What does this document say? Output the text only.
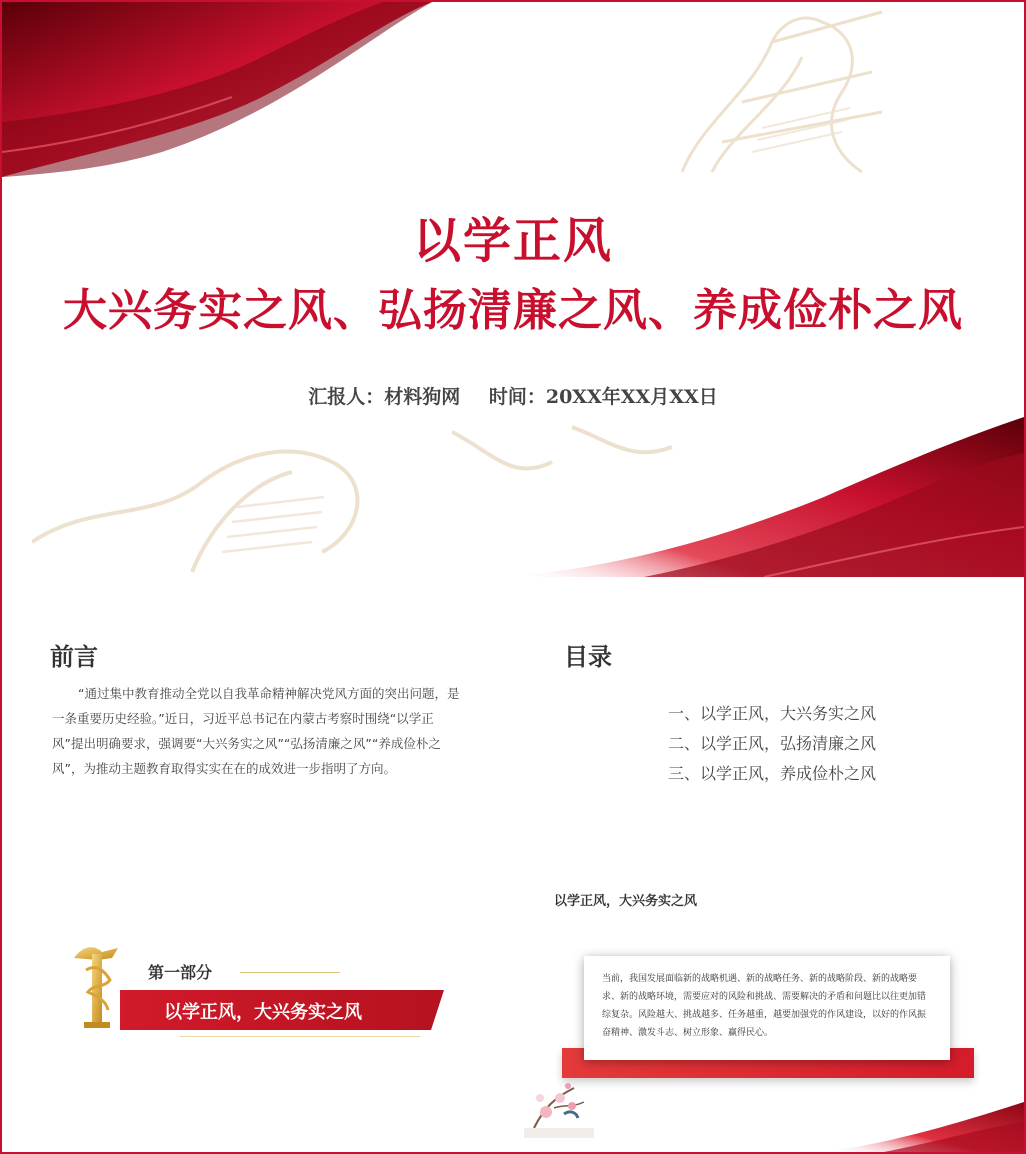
以学正风
大兴务实之风、弘扬清廉之风、养成俭朴之风
汇报人：材料狗网 时间：20XX年XX月XX日
前言

“通过集中教育推动全党以自我革命精神解决党风方面的突出问题，是一条重要历史经验。”近日，习近平总书记在内蒙古考察时围绕“以学正风”提出明确要求，强调要“大兴务实之风”“弘扬清廉之风”“养成俭朴之风”，为推动主题教育取得实实在在的成效进一步指明了方向。

目录
一、以学正风，大兴务实之风
二、以学正风，弘扬清廉之风
三、以学正风，养成俭朴之风
第一部分
以学正风，大兴务实之风
以学正风，大兴务实之风
当前，我国发展面临新的战略机遇、新的战略任务、新的战略阶段、新的战略要求、新的战略环境，需要应对的风险和挑战、需要解决的矛盾和问题比以往更加错综复杂。风险越大、挑战越多、任务越重，越要加强党的作风建设，以好的作风振奋精神、激发斗志、树立形象、赢得民心。
